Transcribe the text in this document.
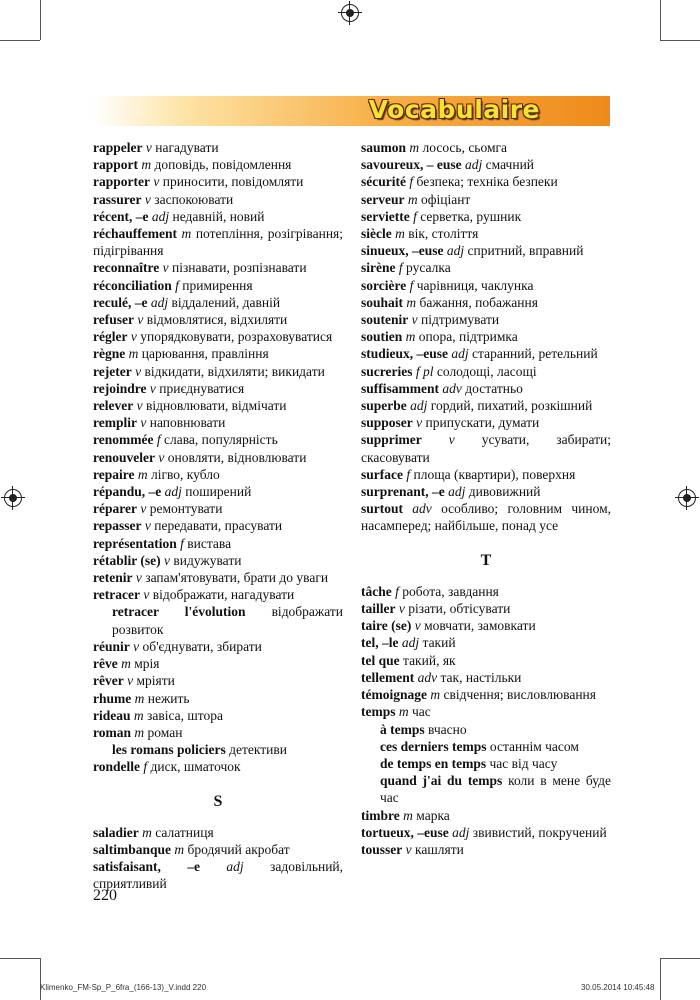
Vocabulaire

rappeler v нагадувати

rapport m доповідь, повідомлення

rapporter v приносити, повідомляти

rassurer v заспокоювати

récent, –e adj недавній, новий

réchauffement m потепління, розігрівання; підігрівання

reconnaître v пізнавати, розпізнавати

réconciliation f примирення

reculé, –e adj віддалений, давній

refuser v відмовлятися, відхиляти

régler v упорядковувати, розраховуватися

règne m царювання, правління

rejeter v відкидати, відхиляти; викидати

rejoindre v приєднуватися

relever v відновлювати, відмічати

remplir v наповнювати

renommée f слава, популярність

renouveler v оновляти, відновлювати

repaire m лігво, кубло

répandu, –e adj поширений

réparer v ремонтувати

repasser v передавати, прасувати

représentation f вистава

rétablir (se) v видужувати

retenir v запам'ятовувати, брати до уваги

retracer v відображати, нагадувати

retracer l'évolution відображати розвиток

réunir v об'єднувати, збирати

rêve m мрія

rêver v мріяти

rhume m нежить

rideau m завіса, штора

roman m роман

les romans policiers детективи

rondelle f диск, шматочок

S

saladier m салатниця

saltimbanque m бродячий акробат

satisfaisant, –e adj задовільний, сприятливий

saumon m лосось, сьомга

savoureux, – euse adj смачний

sécurité f безпека; техніка безпеки

serveur m офіціант

serviette f серветка, рушник

siècle m вік, століття

sinueux, –euse adj спритний, вправний

sirène f русалка

sorcière f чарівниця, чаклунка

souhait m бажання, побажання

soutenir v підтримувати

soutien m опора, підтримка

studieux, –euse adj старанний, ретельний

sucreries f pl солодощі, ласощі

suffisamment adv достатньо

superbe adj гордий, пихатий, розкішний

supposer v припускати, думати

supprimer v усувати, забирати; скасовувати

surface f площа (квартири), поверхня

surprenant, –e adj дивовижний

surtout adv особливо; головним чином, насамперед; найбільше, понад усе

T

tâche f робота, завдання

tailler v різати, обтісувати

taire (se) v мовчати, замовкати

tel, –le adj такий

tel que такий, як

tellement adv так, настільки

témoignage m свідчення; висловлювання

temps m час

à temps вчасно

ces derniers temps останнім часом

de temps en temps час від часу

quand j'ai du temps коли в мене буде час

timbre m марка

tortueux, –euse adj звивистий, покручений

tousser v кашляти

220
Klimenko_FM-Sp_P_6fra_(166-13)_V.indd 220	30.05.2014 10:45:48
